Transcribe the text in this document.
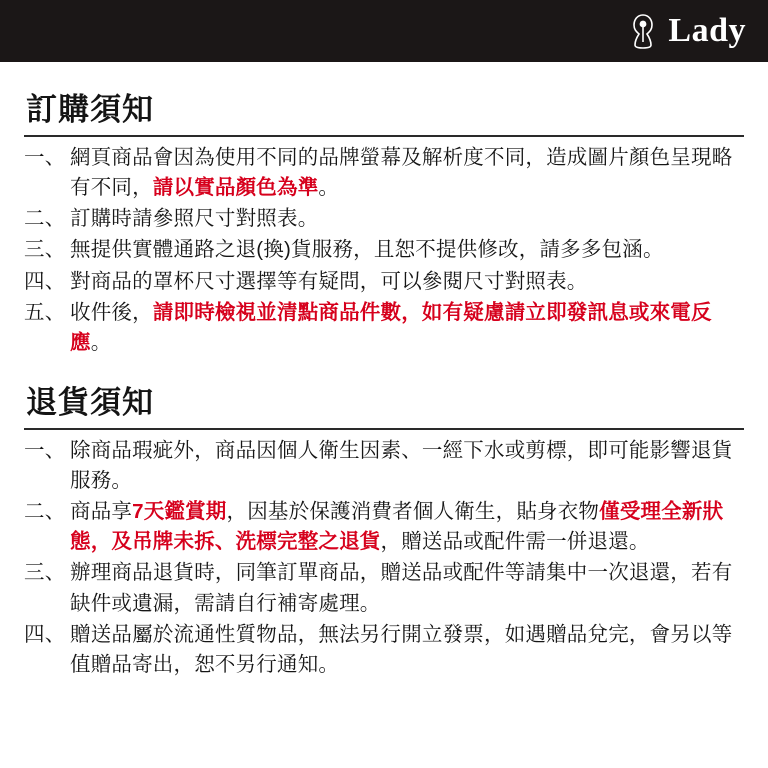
Lady
訂購須知
一、 網頁商品會因為使用不同的品牌螢幕及解析度不同，造成圖片顏色呈現略有不同，請以實品顏色為準。
二、 訂購時請參照尺寸對照表。
三、 無提供實體通路之退(換)貨服務，且恕不提供修改，請多多包涵。
四、 對商品的罩杯尺寸選擇等有疑問，可以參閱尺寸對照表。
五、 收件後，請即時檢視並清點商品件數，如有疑慮請立即發訊息或來電反應。
退貨須知
一、 除商品瑕疵外，商品因個人衛生因素、一經下水或剪標，即可能影響退貨服務。
二、 商品享7天鑑賞期，因基於保護消費者個人衛生，貼身衣物僅受理全新狀態，及吊牌未拆、洗標完整之退貨，贈送品或配件需一併退還。
三、 辦理商品退貨時，同筆訂單商品，贈送品或配件等請集中一次退還，若有缺件或遺漏，需請自行補寄處理。
四、 贈送品屬於流通性質物品，無法另行開立發票，如遇贈品兌完，會另以等值贈品寄出，恕不另行通知。
